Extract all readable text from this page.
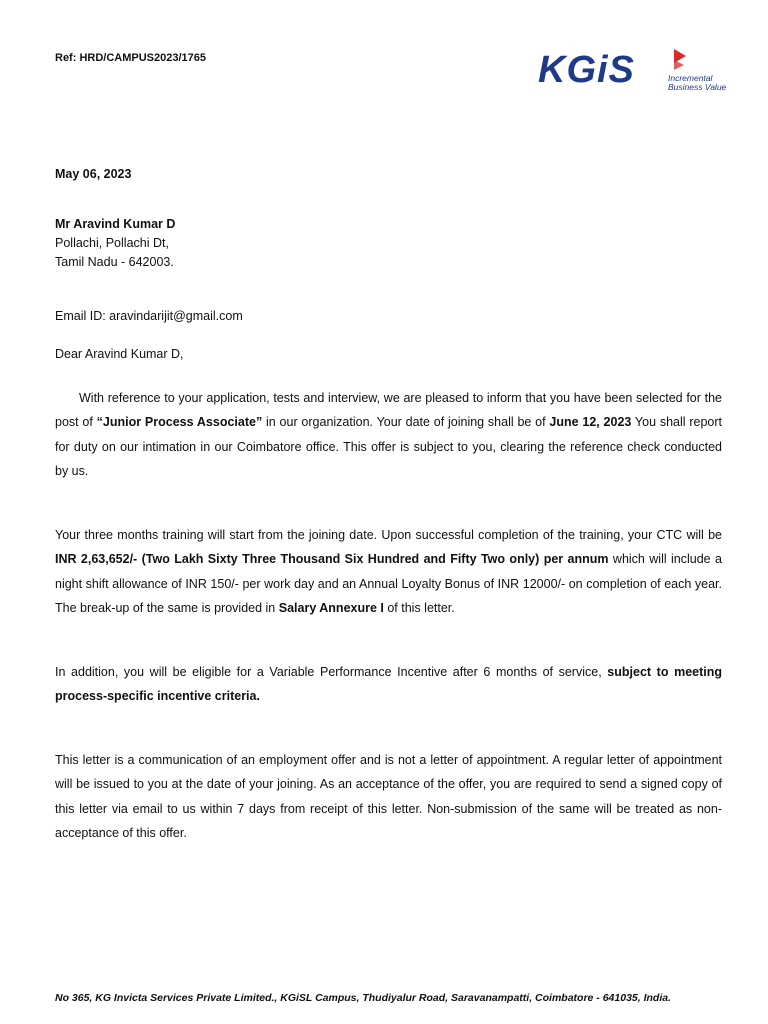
Ref: HRD/CAMPUS2023/1765	KGiS	Incremental
Business Value
May 06, 2023
Mr Aravind Kumar D
Pollachi, Pollachi Dt,
Tamil Nadu - 642003.
Email ID: aravindarijit@gmail.com
Dear Aravind Kumar D,

With reference to your application, tests and interview, we are pleased to inform that you have been selected for the post of “Junior Process Associate” in our organization. Your date of joining shall be of June 12, 2023 You shall report for duty on our intimation in our Coimbatore office. This offer is subject to you, clearing the reference check conducted by us.

Your three months training will start from the joining date. Upon successful completion of the training, your CTC will be INR 2,63,652/- (Two Lakh Sixty Three Thousand Six Hundred and Fifty Two only) per annum which will include a night shift allowance of INR 150/- per work day and an Annual Loyalty Bonus of INR 12000/- on completion of each year. The break-up of the same is provided in Salary Annexure I of this letter.

In addition, you will be eligible for a Variable Performance Incentive after 6 months of service, subject to meeting process-specific incentive criteria.

This letter is a communication of an employment offer and is not a letter of appointment. A regular letter of appointment will be issued to you at the date of your joining. As an acceptance of the offer, you are required to send a signed copy of this letter via email to us within 7 days from receipt of this letter. Non-submission of the same will be treated as non-acceptance of this offer.

No 365, KG Invicta Services Private Limited., KGiSL Campus, Thudiyalur Road, Saravanampatti, Coimbatore - 641035, India.
